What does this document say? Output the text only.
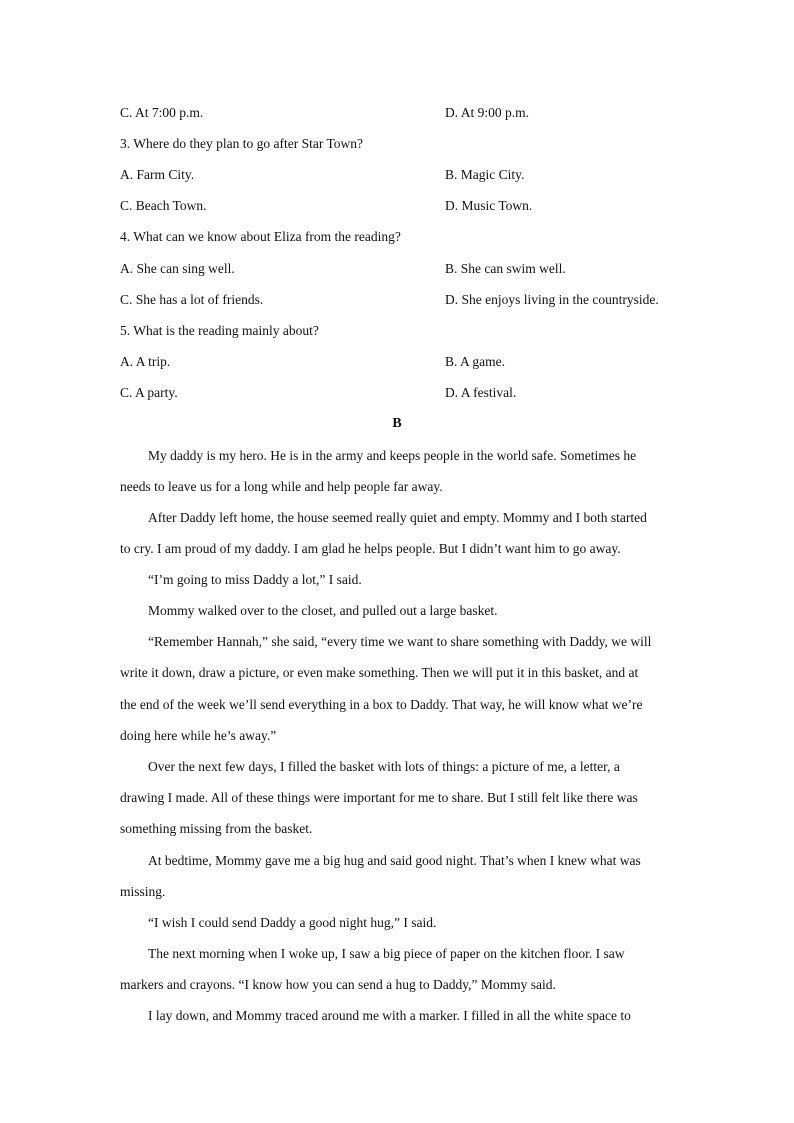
C. At 7:00 p.m.	D. At 9:00 p.m.
3. Where do they plan to go after Star Town?
A. Farm City.	B. Magic City.
C. Beach Town.	D. Music Town.
4. What can we know about Eliza from the reading?
A. She can sing well.	B. She can swim well.
C. She has a lot of friends.	D. She enjoys living in the countryside.
5. What is the reading mainly about?
A. A trip.	B. A game.
C. A party.	D. A festival.
B
My daddy is my hero. He is in the army and keeps people in the world safe. Sometimes he
needs to leave us for a long while and help people far away.
After Daddy left home, the house seemed really quiet and empty. Mommy and I both started
to cry. I am proud of my daddy. I am glad he helps people. But I didn’t want him to go away.
“I’m going to miss Daddy a lot,” I said.
Mommy walked over to the closet, and pulled out a large basket.
“Remember Hannah,” she said, “every time we want to share something with Daddy, we will
write it down, draw a picture, or even make something. Then we will put it in this basket, and at
the end of the week we’ll send everything in a box to Daddy. That way, he will know what we’re
doing here while he’s away.”
Over the next few days, I filled the basket with lots of things: a picture of me, a letter, a
drawing I made. All of these things were important for me to share. But I still felt like there was
something missing from the basket.
At bedtime, Mommy gave me a big hug and said good night. That’s when I knew what was
missing.
“I wish I could send Daddy a good night hug,” I said.
The next morning when I woke up, I saw a big piece of paper on the kitchen floor. I saw
markers and crayons. “I know how you can send a hug to Daddy,” Mommy said.
I lay down, and Mommy traced around me with a marker. I filled in all the white space to
